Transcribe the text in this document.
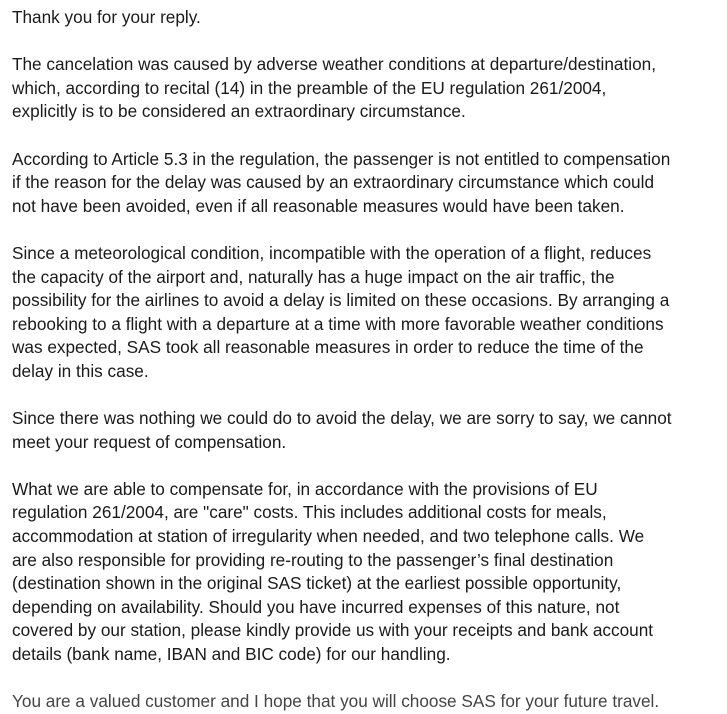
Thank you for your reply.

The cancelation was caused by adverse weather conditions at departure/destination,
which, according to recital (14) in the preamble of the EU regulation 261/2004,
explicitly is to be considered an extraordinary circumstance.

According to Article 5.3 in the regulation, the passenger is not entitled to compensation
if the reason for the delay was caused by an extraordinary circumstance which could
not have been avoided, even if all reasonable measures would have been taken.

Since a meteorological condition, incompatible with the operation of a flight, reduces
the capacity of the airport and, naturally has a huge impact on the air traffic, the
possibility for the airlines to avoid a delay is limited on these occasions. By arranging a
rebooking to a flight with a departure at a time with more favorable weather conditions
was expected, SAS took all reasonable measures in order to reduce the time of the
delay in this case.

Since there was nothing we could do to avoid the delay, we are sorry to say, we cannot
meet your request of compensation.

What we are able to compensate for, in accordance with the provisions of EU
regulation 261/2004, are "care" costs. This includes additional costs for meals,
accommodation at station of irregularity when needed, and two telephone calls. We
are also responsible for providing re-routing to the passenger’s final destination
(destination shown in the original SAS ticket) at the earliest possible opportunity,
depending on availability. Should you have incurred expenses of this nature, not
covered by our station, please kindly provide us with your receipts and bank account
details (bank name, IBAN and BIC code) for our handling.

You are a valued customer and I hope that you will choose SAS for your future travel.
